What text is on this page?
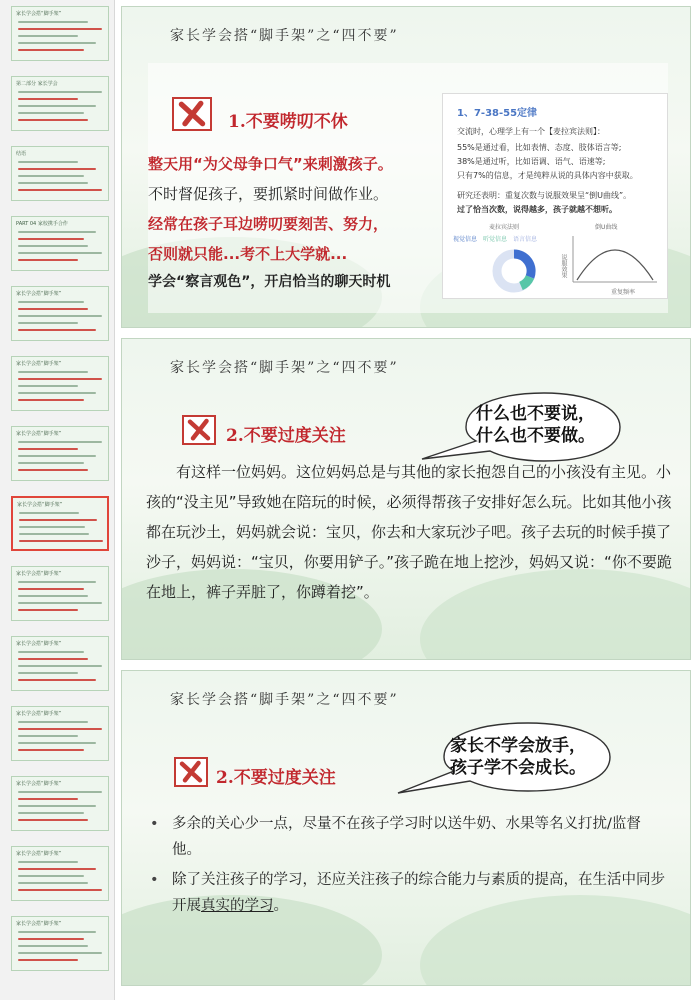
家长学会搭“脚手架”
第二部分 家长学会
结语
PART 04 家校携手合作
家长学会搭“脚手架”
家长学会搭“脚手架”
家长学会搭“脚手架”
家长学会搭“脚手架”
家长学会搭“脚手架”
家长学会搭“脚手架”
家长学会搭“脚手架”
家长学会搭“脚手架”
家长学会搭“脚手架”
家长学会搭“脚手架”
家长学会搭“脚手架”之“四不要”
1.不要唠叨不休
整天用“为父母争口气”来刺激孩子。
不时督促孩子，要抓紧时间做作业。
经常在孩子耳边唠叨要刻苦、努力，
否则就只能...考不上大学就...
学会“察言观色”，开启恰当的聊天时机
1、7-38-55定律
交流时，心理学上有一个【麦拉宾法则】：
55%是通过看，比如表情、态度、肢体语言等;
38%是通过听，比如语调、语气、语速等;
只有7%的信息，才是纯粹从说的具体内容中获取。
研究还表明：重复次数与说服效果呈“倒U曲线”。
过了恰当次数，说得越多，孩子就越不想听。
麦拉宾法则	倒U曲线
视觉信息 听觉信息 语言信息
重复频率
说服效果
家长学会搭“脚手架”之“四不要”
2.不要过度关注
什么也不要说，
什么也不要做。
有这样一位妈妈。这位妈妈总是与其他的家长抱怨自己的小孩没有主见。小孩的“没主见”导致她在陪玩的时候，必须得帮孩子安排好怎么玩。比如其他小孩都在玩沙土，妈妈就会说：宝贝，你去和大家玩沙子吧。孩子去玩的时候手摸了沙子，妈妈说：“宝贝，你要用铲子。”孩子跪在地上挖沙，妈妈又说：“你不要跪在地上，裤子弄脏了，你蹲着挖”。
家长学会搭“脚手架”之“四不要”
2.不要过度关注
家长不学会放手，
孩子学不会成长。
• 多余的关心少一点，尽量不在孩子学习时以送牛奶、水果等名义打扰/监督他。
• 除了关注孩子的学习，还应关注孩子的综合能力与素质的提高，在生活中同步开展真实的学习。
